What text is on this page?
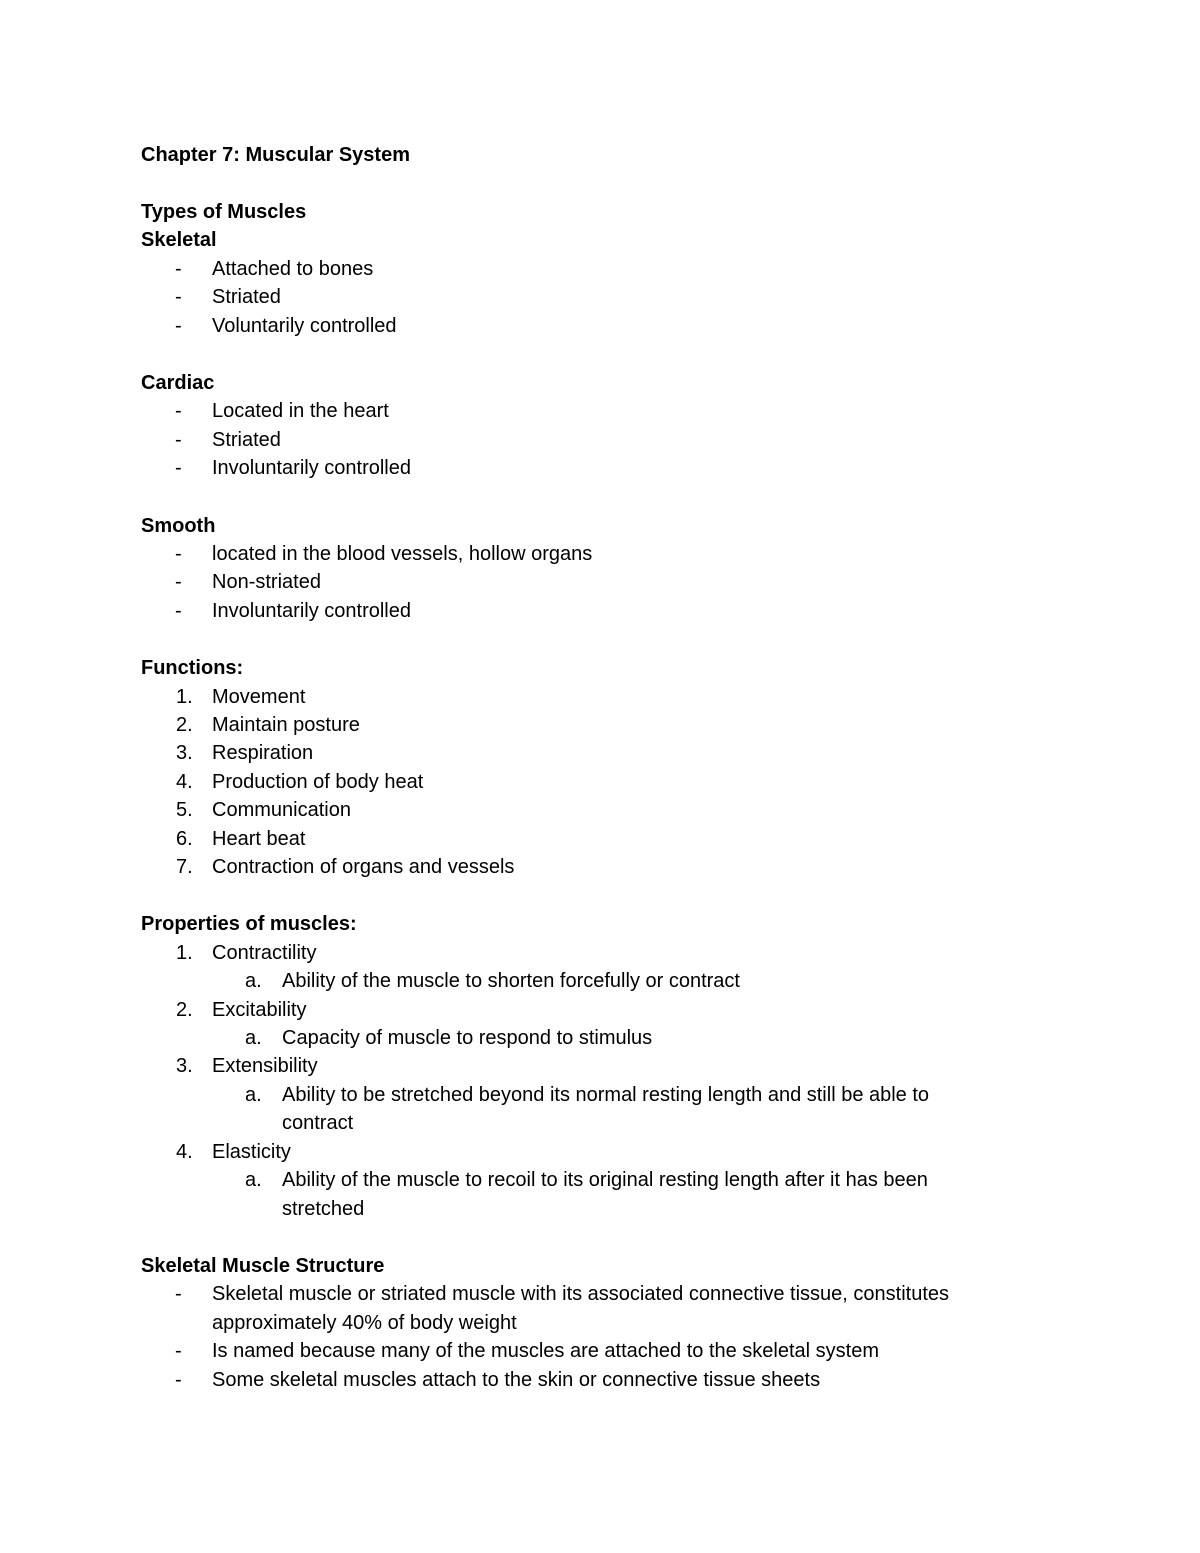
Chapter 7: Muscular System
Types of Muscles
Skeletal
-	Attached to bones
-	Striated
-	Voluntarily controlled
Cardiac
-	Located in the heart
-	Striated
-	Involuntarily controlled
Smooth
-	located in the blood vessels, hollow organs
-	Non-striated
-	Involuntarily controlled
Functions:
1. Movement
2. Maintain posture
3. Respiration
4. Production of body heat
5. Communication
6. Heart beat
7. Contraction of organs and vessels
Properties of muscles:
1. Contractility
a. Ability of the muscle to shorten forcefully or contract
2. Excitability
a. Capacity of muscle to respond to stimulus
3. Extensibility
a. Ability to be stretched beyond its normal resting length and still be able to contract
4. Elasticity
a. Ability of the muscle to recoil to its original resting length after it has been stretched
Skeletal Muscle Structure
-	Skeletal muscle or striated muscle with its associated connective tissue, constitutes approximately 40% of body weight
-	Is named because many of the muscles are attached to the skeletal system
-	Some skeletal muscles attach to the skin or connective tissue sheets
